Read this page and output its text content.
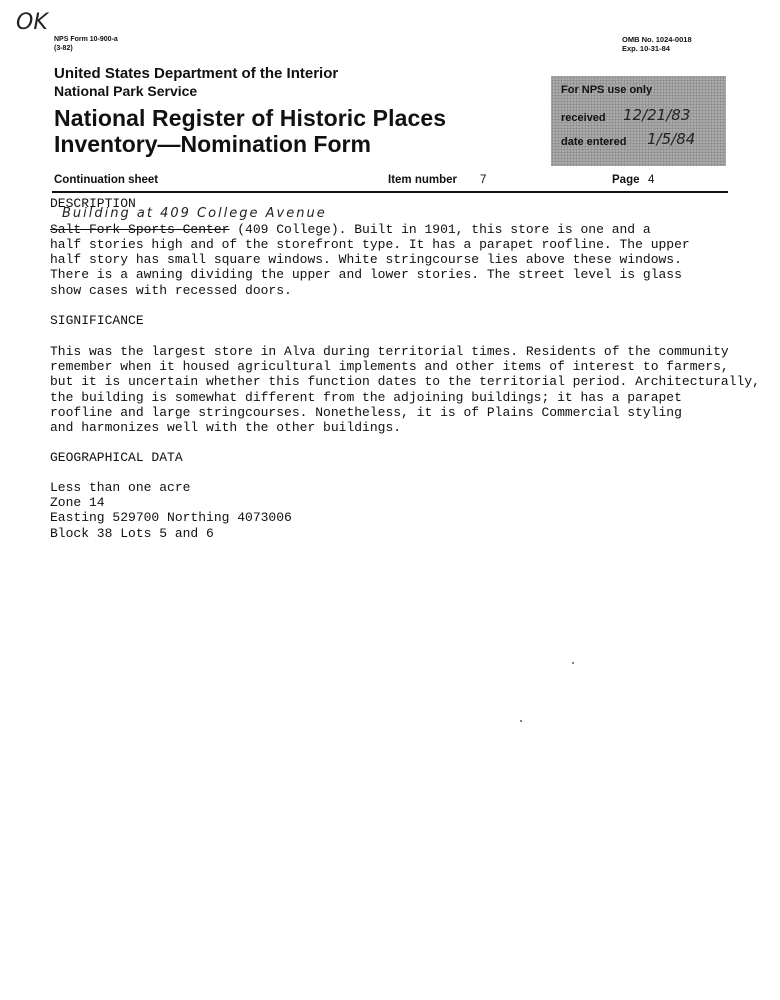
OK
NPS Form 10-900-a
(3-82)
OMB No. 1024-0018
Exp. 10-31-84
United States Department of the Interior
National Park Service
National Register of Historic Places
Inventory—Nomination Form
For NPS use only
received 12/21/83
date entered 1/5/84
Continuation sheet	Item number 7	Page 4
DESCRIPTION
Building at 409 College Avenue
Salt Fork Sports Center (409 College). Built in 1901, this store is one and a
half stories high and of the storefront type. It has a parapet roofline. The upper
half story has small square windows. White stringcourse lies above these windows.
There is a awning dividing the upper and lower stories. The street level is glass
show cases with recessed doors.
SIGNIFICANCE
This was the largest store in Alva during territorial times. Residents of the community
remember when it housed agricultural implements and other items of interest to farmers,
but it is uncertain whether this function dates to the territorial period. Architecturally,
the building is somewhat different from the adjoining buildings; it has a parapet
roofline and large stringcourses. Nonetheless, it is of Plains Commercial styling
and harmonizes well with the other buildings.
GEOGRAPHICAL DATA
Less than one acre
Zone 14
Easting 529700 Northing 4073006
Block 38 Lots 5 and 6
